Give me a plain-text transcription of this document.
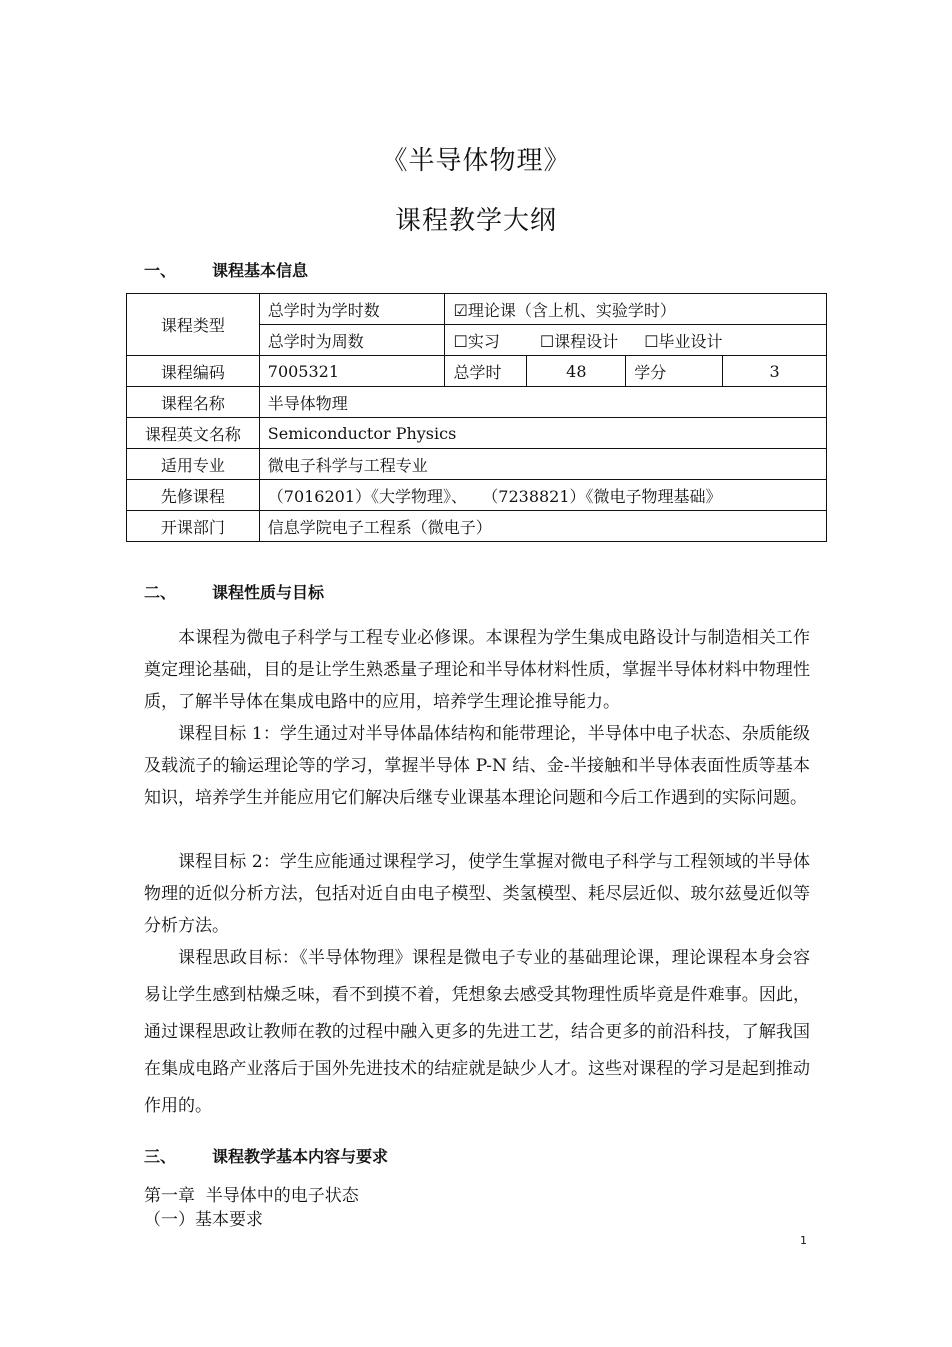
《半导体物理》
课程教学大纲
一、 课程基本信息
课程类型	总学时为学时数	☑理论课（含上机、实验学时）			
	总学时为周数	☐实习 ☐课程设计 ☐毕业设计			
课程编码	7005321	总学时	48	学分	3
课程名称	半导体物理				
课程英文名称	Semiconductor Physics				
适用专业	微电子科学与工程专业				
先修课程	（7016201）《大学物理》、   （7238821）《微电子物理基础》				
开课部门	信息学院电子工程系（微电子）				
二、 课程性质与目标

本课程为微电子科学与工程专业必修课。本课程为学生集成电路设计与制造相关工作奠定理论基础，目的是让学生熟悉量子理论和半导体材料性质，掌握半导体材料中物理性质，了解半导体在集成电路中的应用，培养学生理论推导能力。

课程目标 1：学生通过对半导体晶体结构和能带理论，半导体中电子状态、杂质能级及载流子的输运理论等的学习，掌握半导体 P-N 结、金-半接触和半导体表面性质等基本知识，培养学生并能应用它们解决后继专业课基本理论问题和今后工作遇到的实际问题。

课程目标 2：学生应能通过课程学习，使学生掌握对微电子科学与工程领域的半导体物理的近似分析方法，包括对近自由电子模型、类氢模型、耗尽层近似、玻尔兹曼近似等分析方法。

课程思政目标：《半导体物理》课程是微电子专业的基础理论课，理论课程本身会容易让学生感到枯燥乏味，看不到摸不着，凭想象去感受其物理性质毕竟是件难事。因此，通过课程思政让教师在教的过程中融入更多的先进工艺，结合更多的前沿科技，了解我国在集成电路产业落后于国外先进技术的结症就是缺少人才。这些对课程的学习是起到推动作用的。

三、 课程教学基本内容与要求

第一章  半导体中的电子状态

（一）基本要求

1
